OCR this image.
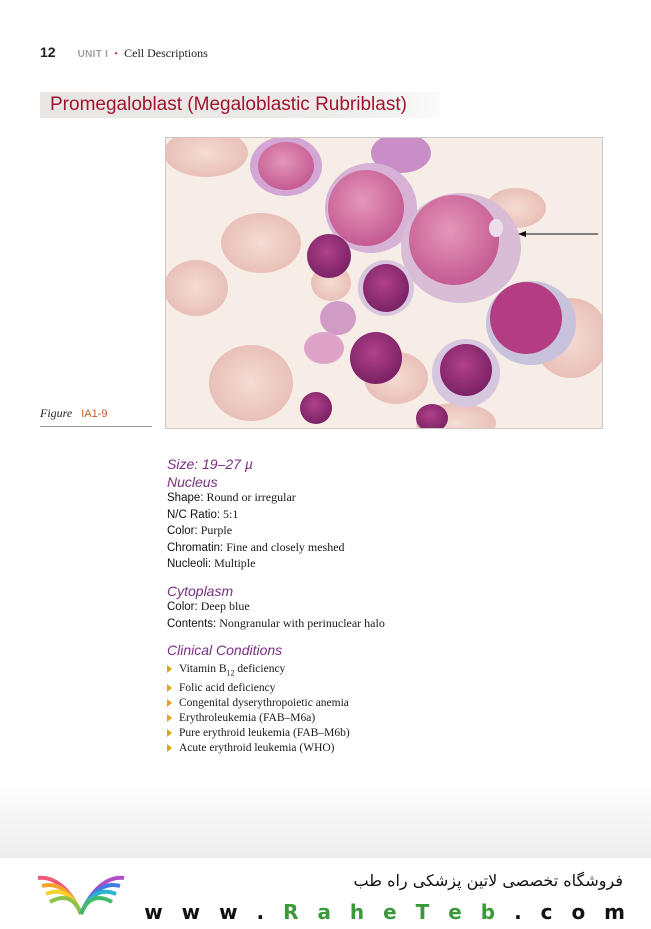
12 UNIT I • Cell Descriptions
Promegaloblast (Megaloblastic Rubriblast)
Figure IA1-9
Size: 19–27 µ
Nucleus
Shape: Round or irregular
N/C Ratio: 5:1
Color: Purple
Chromatin: Fine and closely meshed
Nucleoli: Multiple
Cytoplasm
Color: Deep blue
Contents: Nongranular with perinuclear halo
Clinical Conditions
Vitamin $B_{12}$ deficiency
Folic acid deficiency
Congenital dyserythropoietic anemia
Erythroleukemia (FAB–M6a)
Pure erythroid leukemia (FAB–M6b)
Acute erythroid leukemia (WHO)
فروشگاه تخصصی لاتین پزشکی راه طب
w w w . R a h e T e b . c o m
